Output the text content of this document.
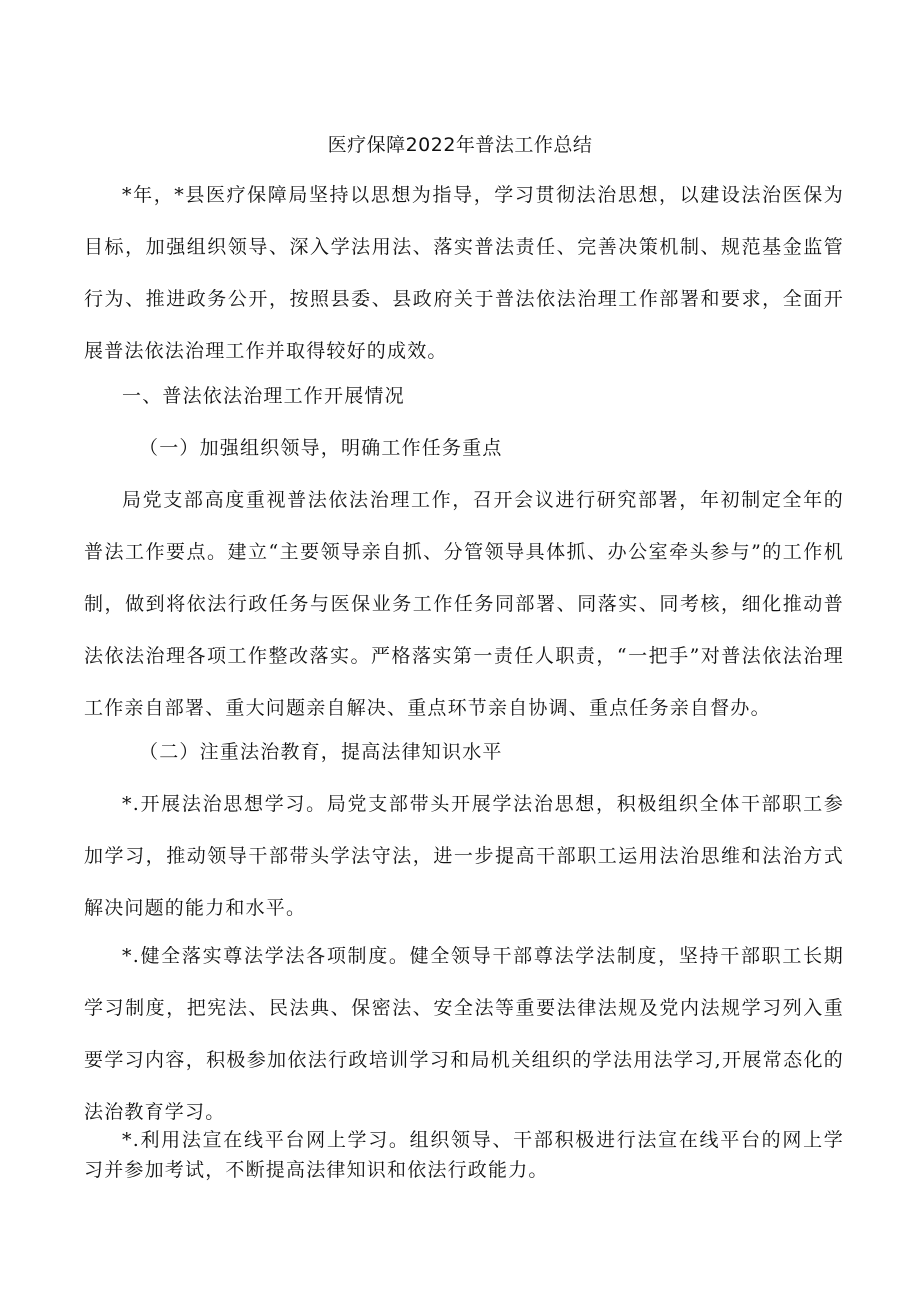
医疗保障2022年普法工作总结

*年，*县医疗保障局坚持以思想为指导，学习贯彻法治思想，以建设法治医保为目标，加强组织领导、深入学法用法、落实普法责任、完善决策机制、规范基金监管行为、推进政务公开，按照县委、县政府关于普法依法治理工作部署和要求，全面开展普法依法治理工作并取得较好的成效。

一、普法依法治理工作开展情况

（一）加强组织领导，明确工作任务重点

局党支部高度重视普法依法治理工作，召开会议进行研究部署，年初制定全年的普法工作要点。建立“主要领导亲自抓、分管领导具体抓、办公室牵头参与”的工作机制，做到将依法行政任务与医保业务工作任务同部署、同落实、同考核，细化推动普法依法治理各项工作整改落实。严格落实第一责任人职责，“一把手”对普法依法治理工作亲自部署、重大问题亲自解决、重点环节亲自协调、重点任务亲自督办。

（二）注重法治教育，提高法律知识水平

*.开展法治思想学习。局党支部带头开展学法治思想，积极组织全体干部职工参加学习，推动领导干部带头学法守法，进一步提高干部职工运用法治思维和法治方式解决问题的能力和水平。

*.健全落实尊法学法各项制度。健全领导干部尊法学法制度，坚持干部职工长期学习制度，把宪法、民法典、保密法、安全法等重要法律法规及党内法规学习列入重要学习内容，积极参加依法行政培训学习和局机关组织的学法用法学习,开展常态化的法治教育学习。

*.利用法宣在线平台网上学习。组织领导、干部积极进行法宣在线平台的网上学习并参加考试，不断提高法律知识和依法行政能力。
